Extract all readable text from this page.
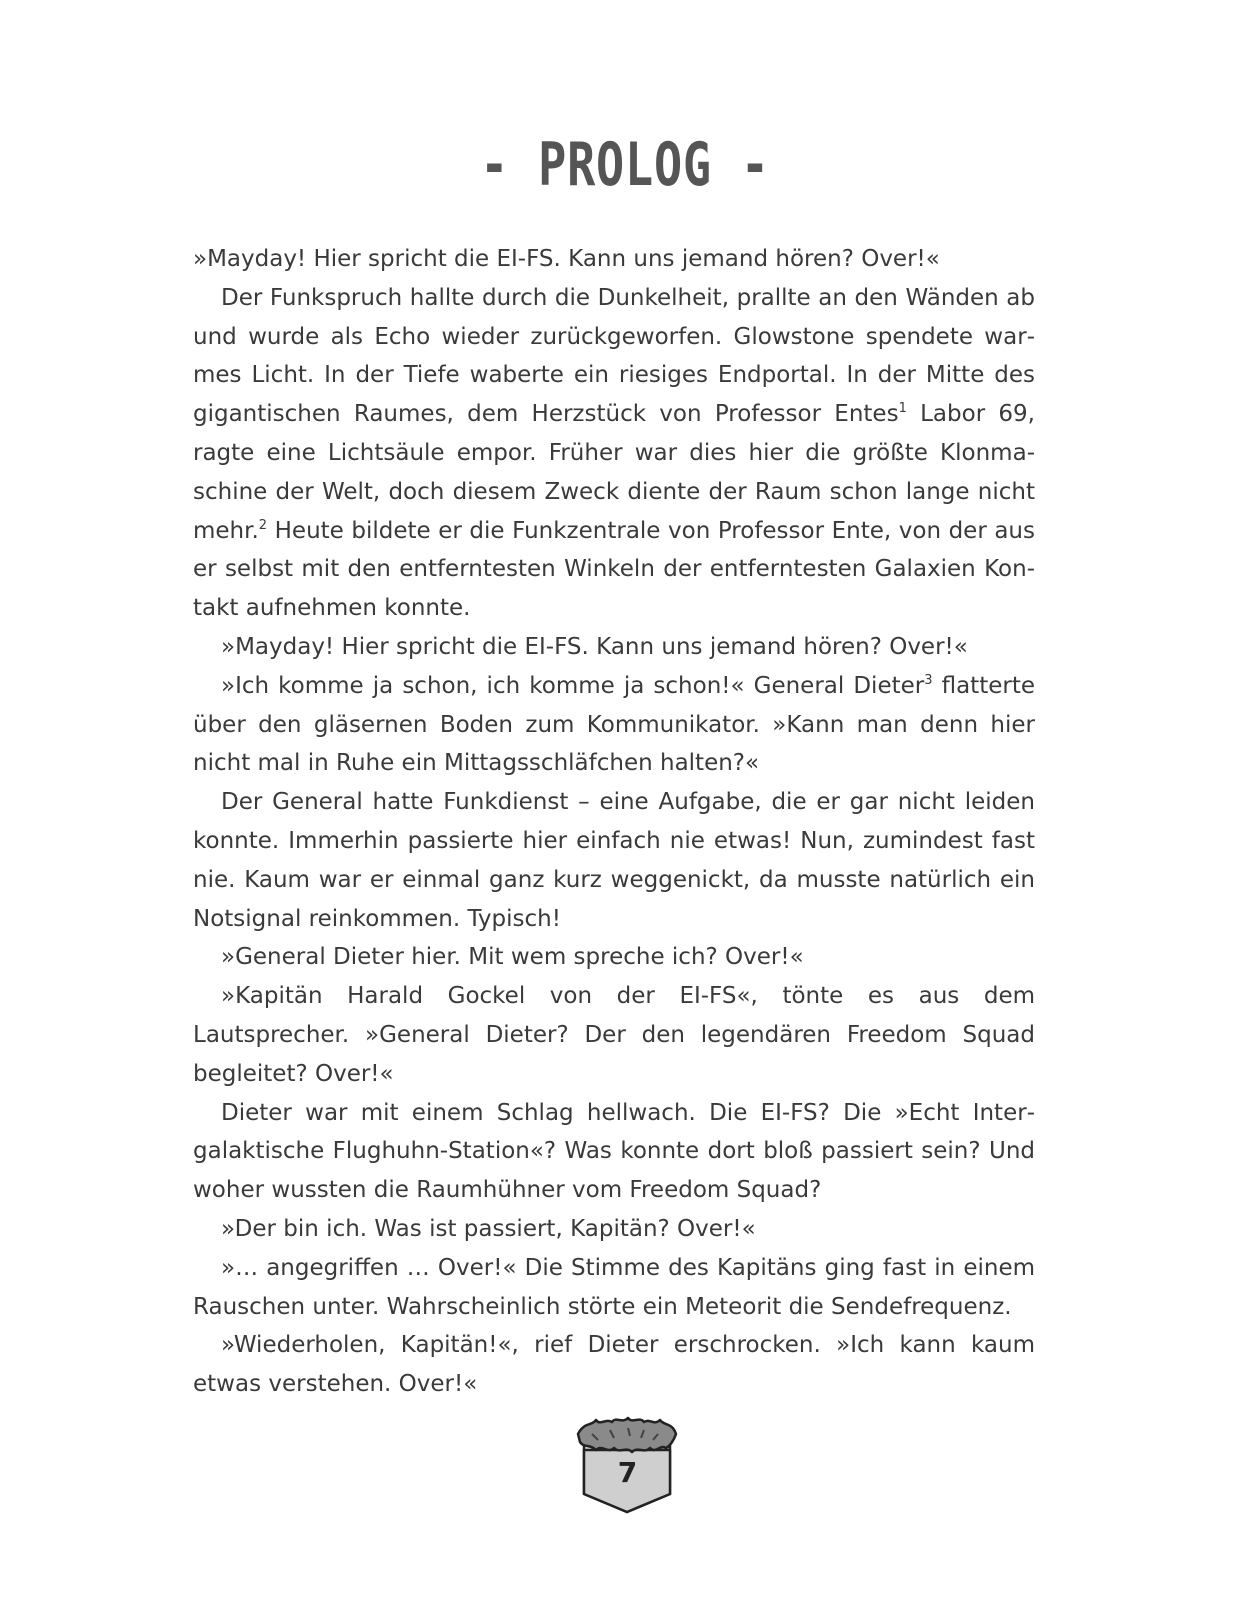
- PROLOG -

»Mayday! Hier spricht die EI-FS. Kann uns jemand hören? Over!«

Der Funkspruch hallte durch die Dunkelheit, prallte an den Wänden ab und wurde als Echo wieder zurückgeworfen. Glowstone spendete warmes Licht. In der Tiefe waberte ein riesiges Endportal. In der Mitte des gigantischen Raumes, dem Herzstück von Professor Entes$^1$ Labor 69, ragte eine Lichtsäule empor. Früher war dies hier die größte Klonmaschine der Welt, doch diesem Zweck diente der Raum schon lange nicht mehr.$^2$ Heute bildete er die Funkzentrale von Professor Ente, von der aus er selbst mit den entferntesten Winkeln der entferntesten Galaxien Kontakt aufnehmen konnte.

»Mayday! Hier spricht die EI-FS. Kann uns jemand hören? Over!«

»Ich komme ja schon, ich komme ja schon!« General Dieter$^3$ flatterte über den gläsernen Boden zum Kommunikator. »Kann man denn hier nicht mal in Ruhe ein Mittagsschläfchen halten?«

Der General hatte Funkdienst – eine Aufgabe, die er gar nicht leiden konnte. Immerhin passierte hier einfach nie etwas! Nun, zumindest fast nie. Kaum war er einmal ganz kurz weggenickt, da musste natürlich ein Notsignal reinkommen. Typisch!

»General Dieter hier. Mit wem spreche ich? Over!«

»Kapitän Harald Gockel von der EI-FS«, tönte es aus dem Lautsprecher. »General Dieter? Der den legendären Freedom Squad begleitet? Over!«

Dieter war mit einem Schlag hellwach. Die EI-FS? Die »Echt Intergalaktische Flughuhn-Station«? Was konnte dort bloß passiert sein? Und woher wussten die Raumhühner vom Freedom Squad?

»Der bin ich. Was ist passiert, Kapitän? Over!«

»… angegriffen … Over!« Die Stimme des Kapitäns ging fast in einem Rauschen unter. Wahrscheinlich störte ein Meteorit die Sendefrequenz.

»Wiederholen, Kapitän!«, rief Dieter erschrocken. »Ich kann kaum etwas verstehen. Over!«

7
